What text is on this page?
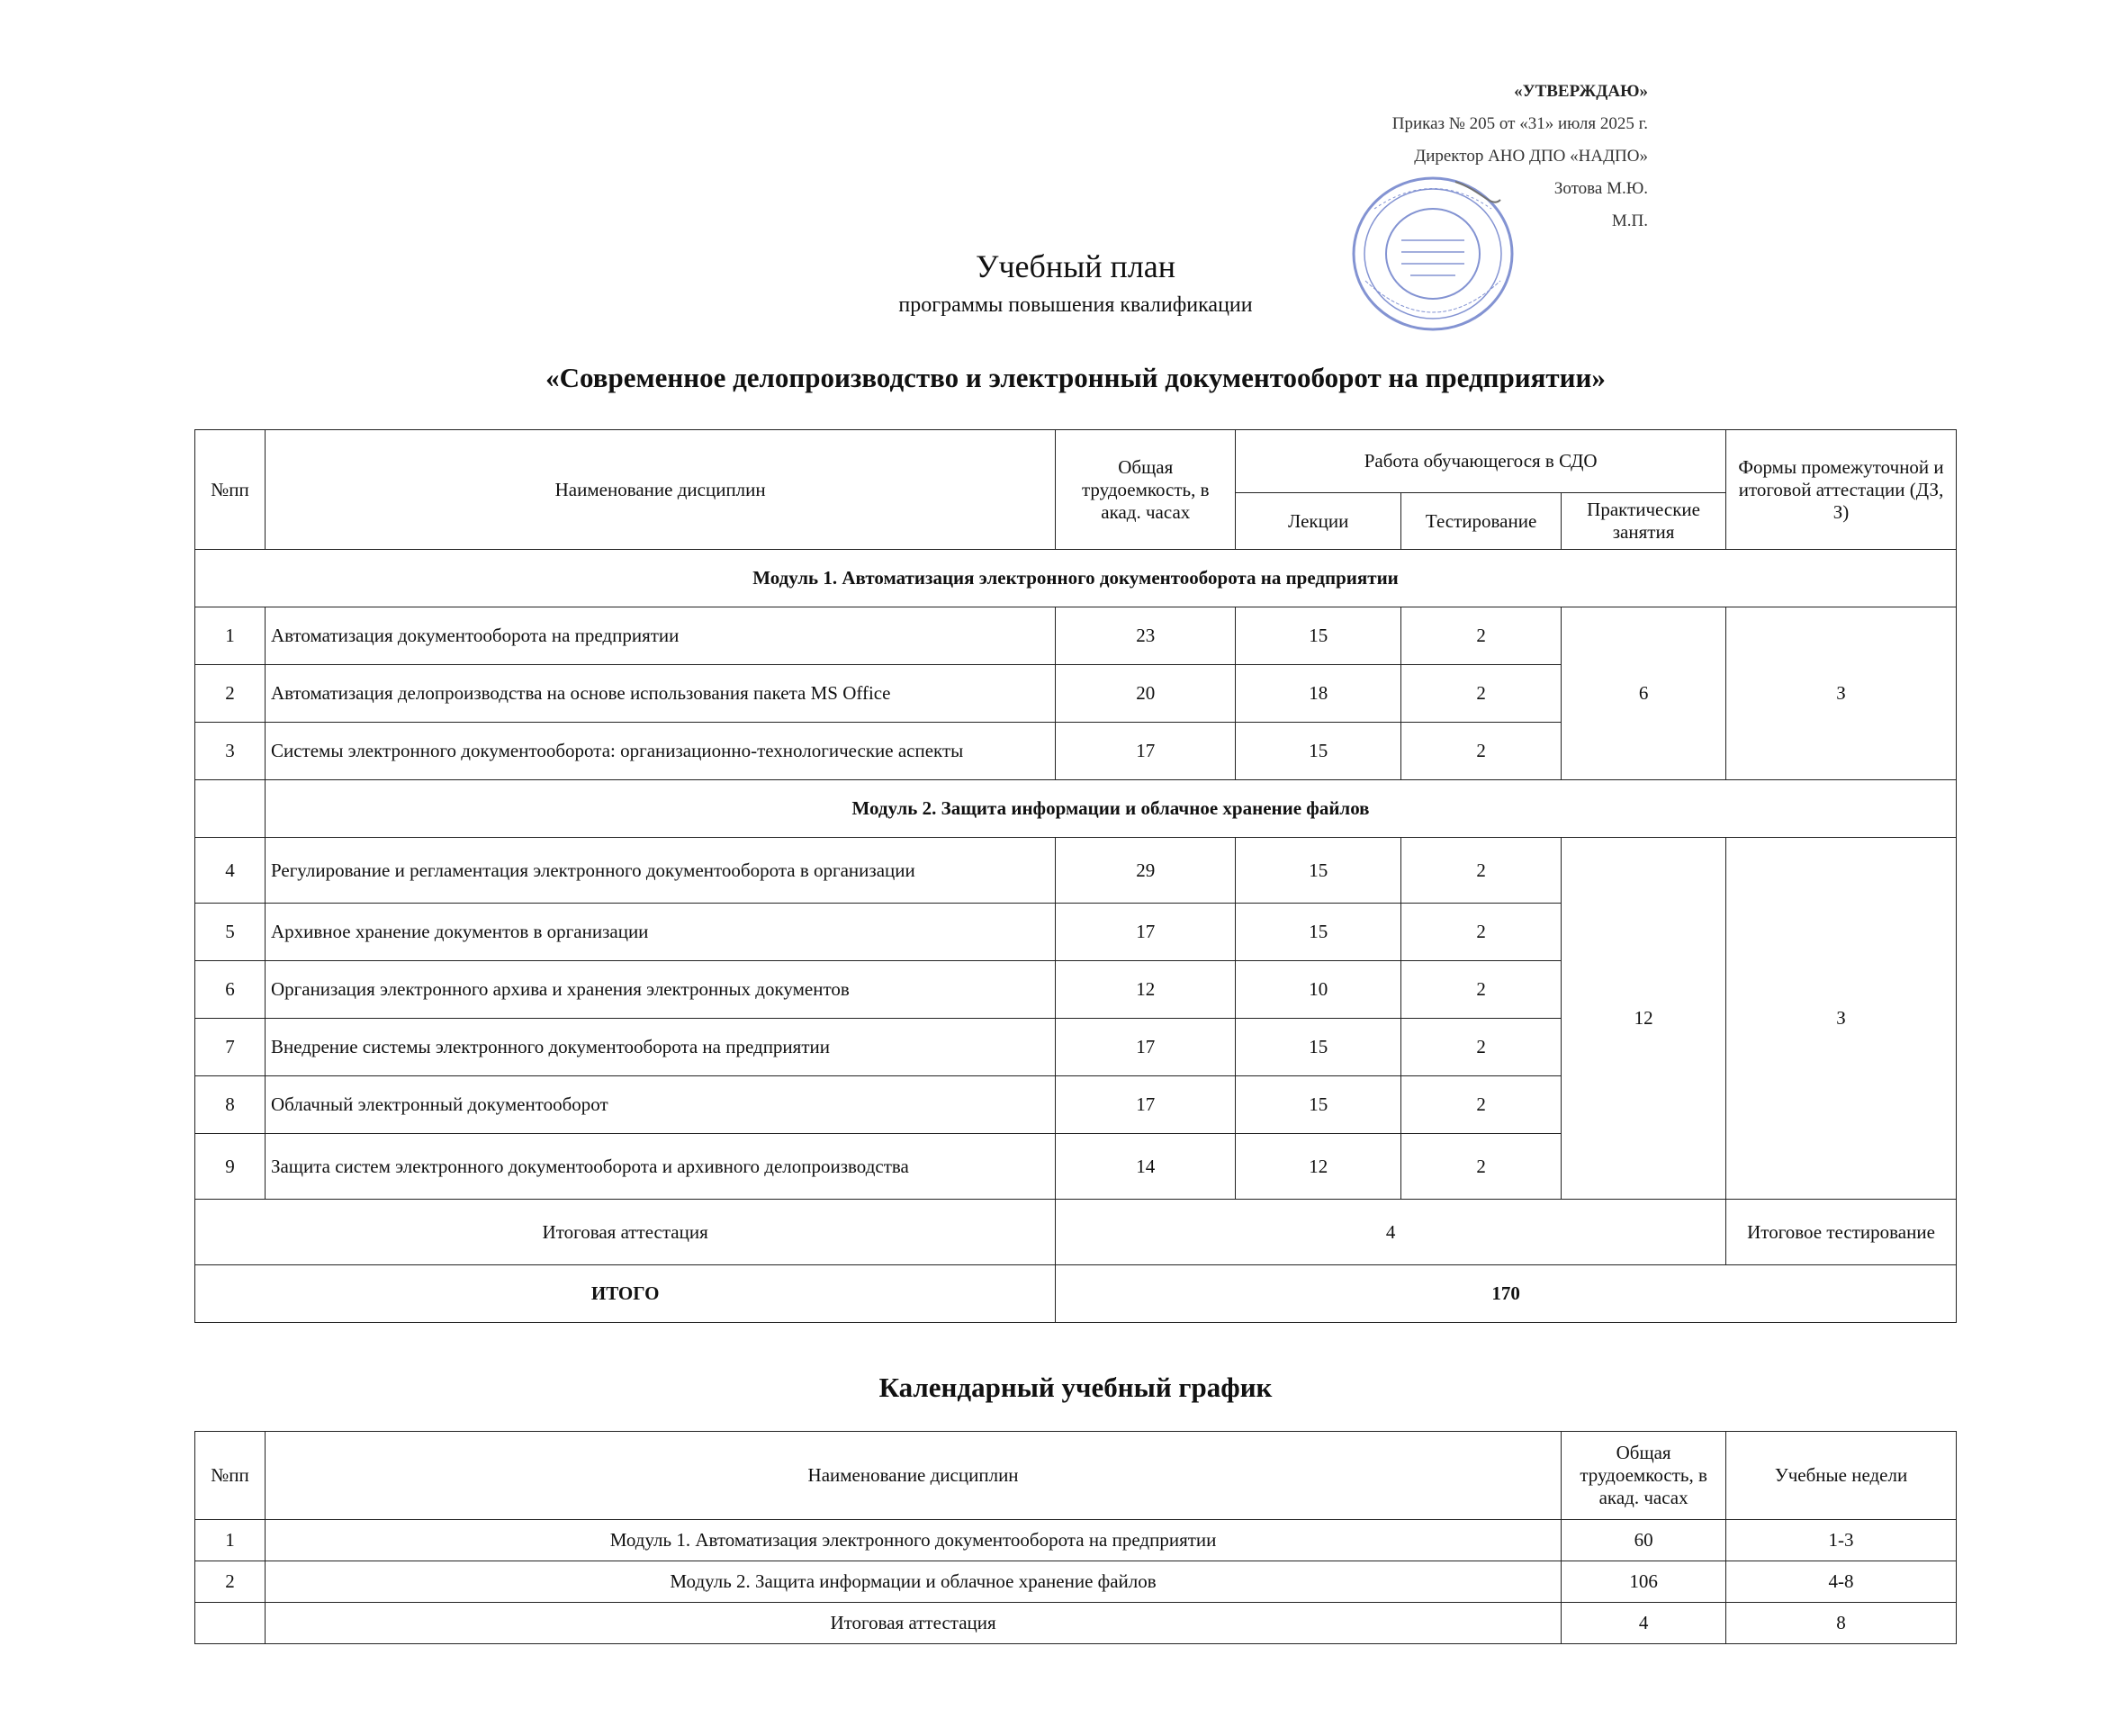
«УТВЕРЖДАЮ»
Приказ № 205 от «31» июля 2025 г.
Директор АНО ДПО «НАДПО»
Зотова М.Ю.
М.П.
Учебный план
программы повышения квалификации
«Современное делопроизводство и электронный документооборот на предприятии»
№пп	Наименование дисциплин	Общая трудоемкость, в акад. часах	Работа обучающегося в СДО			Формы промежуточной и итоговой аттестации (ДЗ, З)
			Лекции	Тестирование	Практические занятия	
Модуль 1. Автоматизация электронного документооборота на предприятии						
1	Автоматизация документооборота на предприятии	23	15	2	6	З
2	Автоматизация делопроизводства на основе использования пакета MS Office	20	18	2		
3	Системы электронного документооборота: организационно-технологические аспекты	17	15	2		
	Модуль 2. Защита информации и облачное хранение файлов					
4	Регулирование и регламентация электронного документооборота в организации	29	15	2	12	З
5	Архивное хранение документов в организации	17	15	2		
6	Организация электронного архива и хранения электронных документов	12	10	2		
7	Внедрение системы электронного документооборота на предприятии	17	15	2		
8	Облачный электронный документооборот	17	15	2		
9	Защита систем электронного документооборота и архивного делопроизводства	14	12	2		
Итоговая аттестация		4				Итоговое тестирование
ИТОГО		170				
Календарный учебный график
№пп	Наименование дисциплин	Общая трудоемкость, в акад. часах	Учебные недели
1	Модуль 1. Автоматизация электронного документооборота на предприятии	60	1-3
2	Модуль 2. Защита информации и облачное хранение файлов	106	4-8
	Итоговая аттестация	4	8
